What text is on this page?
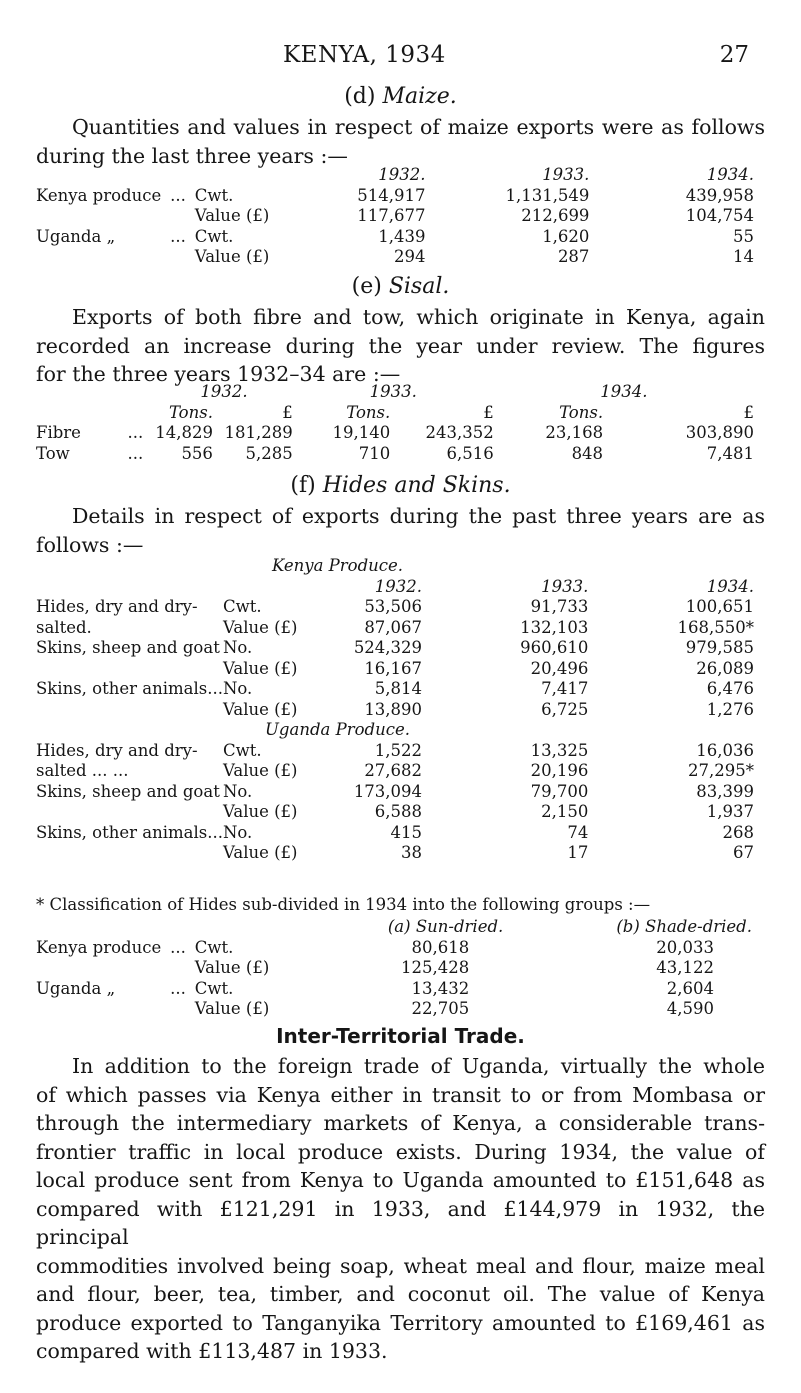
KENYA, 1934	27
(d) Maize.
Quantities and values in respect of maize exports were as follows
during the last three years :—
			1932.	1933.	1934.
Kenya produce	...	Cwt.	514,917	1,131,549	439,958
		Value (£)	117,677	212,699	104,754
Uganda „	...	Cwt.	1,439	1,620	55
		Value (£)	294	287	14
(e) Sisal.
Exports of both fibre and tow, which originate in Kenya, again
recorded an increase during the year under review. The figures
for the three years 1932–34 are :—
		1932.		1933.		1934.	
		Tons.	£	Tons.	£	Tons.	£
Fibre	...	14,829	181,289	19,140	243,352	23,168	303,890
Tow	...	556	5,285	710	6,516	848	7,481
(f) Hides and Skins.
Details in respect of exports during the past three years are as
follows :—
	Kenya Produce.			
		1932.	1933.	1934.
Hides, dry and dry-	Cwt.	53,506	91,733	100,651
salted.	Value (£)	87,067	132,103	168,550*
Skins, sheep and goat	No.	524,329	960,610	979,585
	Value (£)	16,167	20,496	26,089
Skins, other animals...	No.	5,814	7,417	6,476
	Value (£)	13,890	6,725	1,276
	Uganda Produce.			
Hides, dry and dry-	Cwt.	1,522	13,325	16,036
salted ... ...	Value (£)	27,682	20,196	27,295*
Skins, sheep and goat	No.	173,094	79,700	83,399
	Value (£)	6,588	2,150	1,937
Skins, other animals...	No.	415	74	268
	Value (£)	38	17	67
* Classification of Hides sub-divided in 1934 into the following groups :—
			(a) Sun-dried.	(b) Shade-dried.
Kenya produce	...	Cwt.	80,618	20,033
		Value (£)	125,428	43,122
Uganda „	...	Cwt.	13,432	2,604
		Value (£)	22,705	4,590
Inter-Territorial Trade.
In addition to the foreign trade of Uganda, virtually the whole
of which passes via Kenya either in transit to or from Mombasa or
through the intermediary markets of Kenya, a considerable trans-
frontier traffic in local produce exists. During 1934, the value of
local produce sent from Kenya to Uganda amounted to £151,648 as
compared with £121,291 in 1933, and £144,979 in 1932, the principal
commodities involved being soap, wheat meal and flour, maize meal
and flour, beer, tea, timber, and coconut oil. The value of Kenya
produce exported to Tanganyika Territory amounted to £169,461 as
compared with £113,487 in 1933.
